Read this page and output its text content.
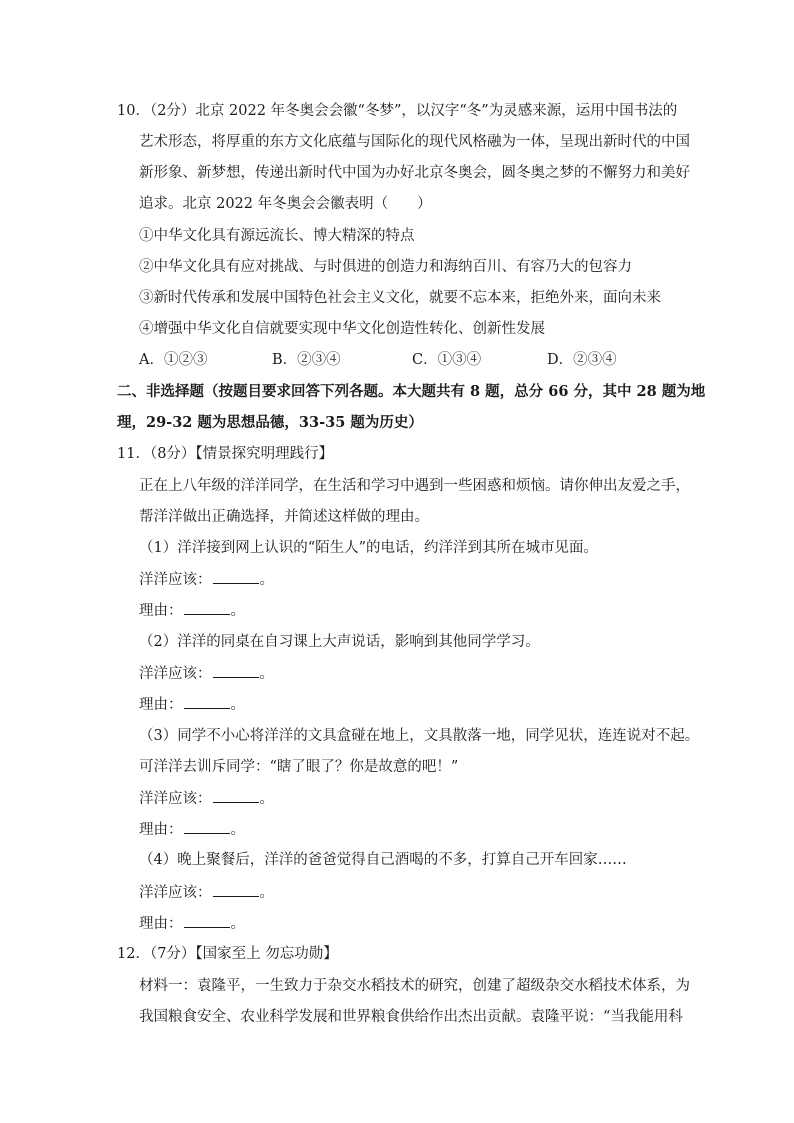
10．（2分）北京 2022 年冬奥会会徽“冬梦”，以汉字“冬”为灵感来源，运用中国书法的
艺术形态，将厚重的东方文化底蕴与国际化的现代风格融为一体，呈现出新时代的中国
新形象、新梦想，传递出新时代中国为办好北京冬奥会，圆冬奥之梦的不懈努力和美好
追求。北京 2022 年冬奥会会徽表明（　　）
①中华文化具有源远流长、博大精深的特点
②中华文化具有应对挑战、与时俱进的创造力和海纳百川、有容乃大的包容力
③新时代传承和发展中国特色社会主义文化，就要不忘本来，拒绝外来，面向未来
④增强中华文化自信就要实现中华文化创造性转化、创新性发展
A．①②③	B．②③④	C．①③④	D．②③④
二、非选择题（按题目要求回答下列各题。本大题共有 8 题，总分 66 分，其中 28 题为地
理，29-32 题为思想品德，33-35 题为历史）
11．（8分）【情景探究明理践行】
正在上八年级的洋洋同学，在生活和学习中遇到一些困惑和烦恼。请你伸出友爱之手，
帮洋洋做出正确选择，并简述这样做的理由。
（1）洋洋接到网上认识的“陌生人”的电话，约洋洋到其所在城市见面。
洋洋应该：	。
理由：	。
（2）洋洋的同桌在自习课上大声说话，影响到其他同学学习。
洋洋应该：	。
理由：	。
（3）同学不小心将洋洋的文具盒碰在地上，文具散落一地，同学见状，连连说对不起。
可洋洋去训斥同学：“瞎了眼了？你是故意的吧！”
洋洋应该：	。
理由：	。
（4）晚上聚餐后，洋洋的爸爸觉得自己酒喝的不多，打算自己开车回家……
洋洋应该：	。
理由：	。
12．（7分）【国家至上 勿忘功勋】
材料一：袁隆平，一生致力于杂交水稻技术的研究，创建了超级杂交水稻技术体系，为
我国粮食安全、农业科学发展和世界粮食供给作出杰出贡献。袁隆平说：“当我能用科
